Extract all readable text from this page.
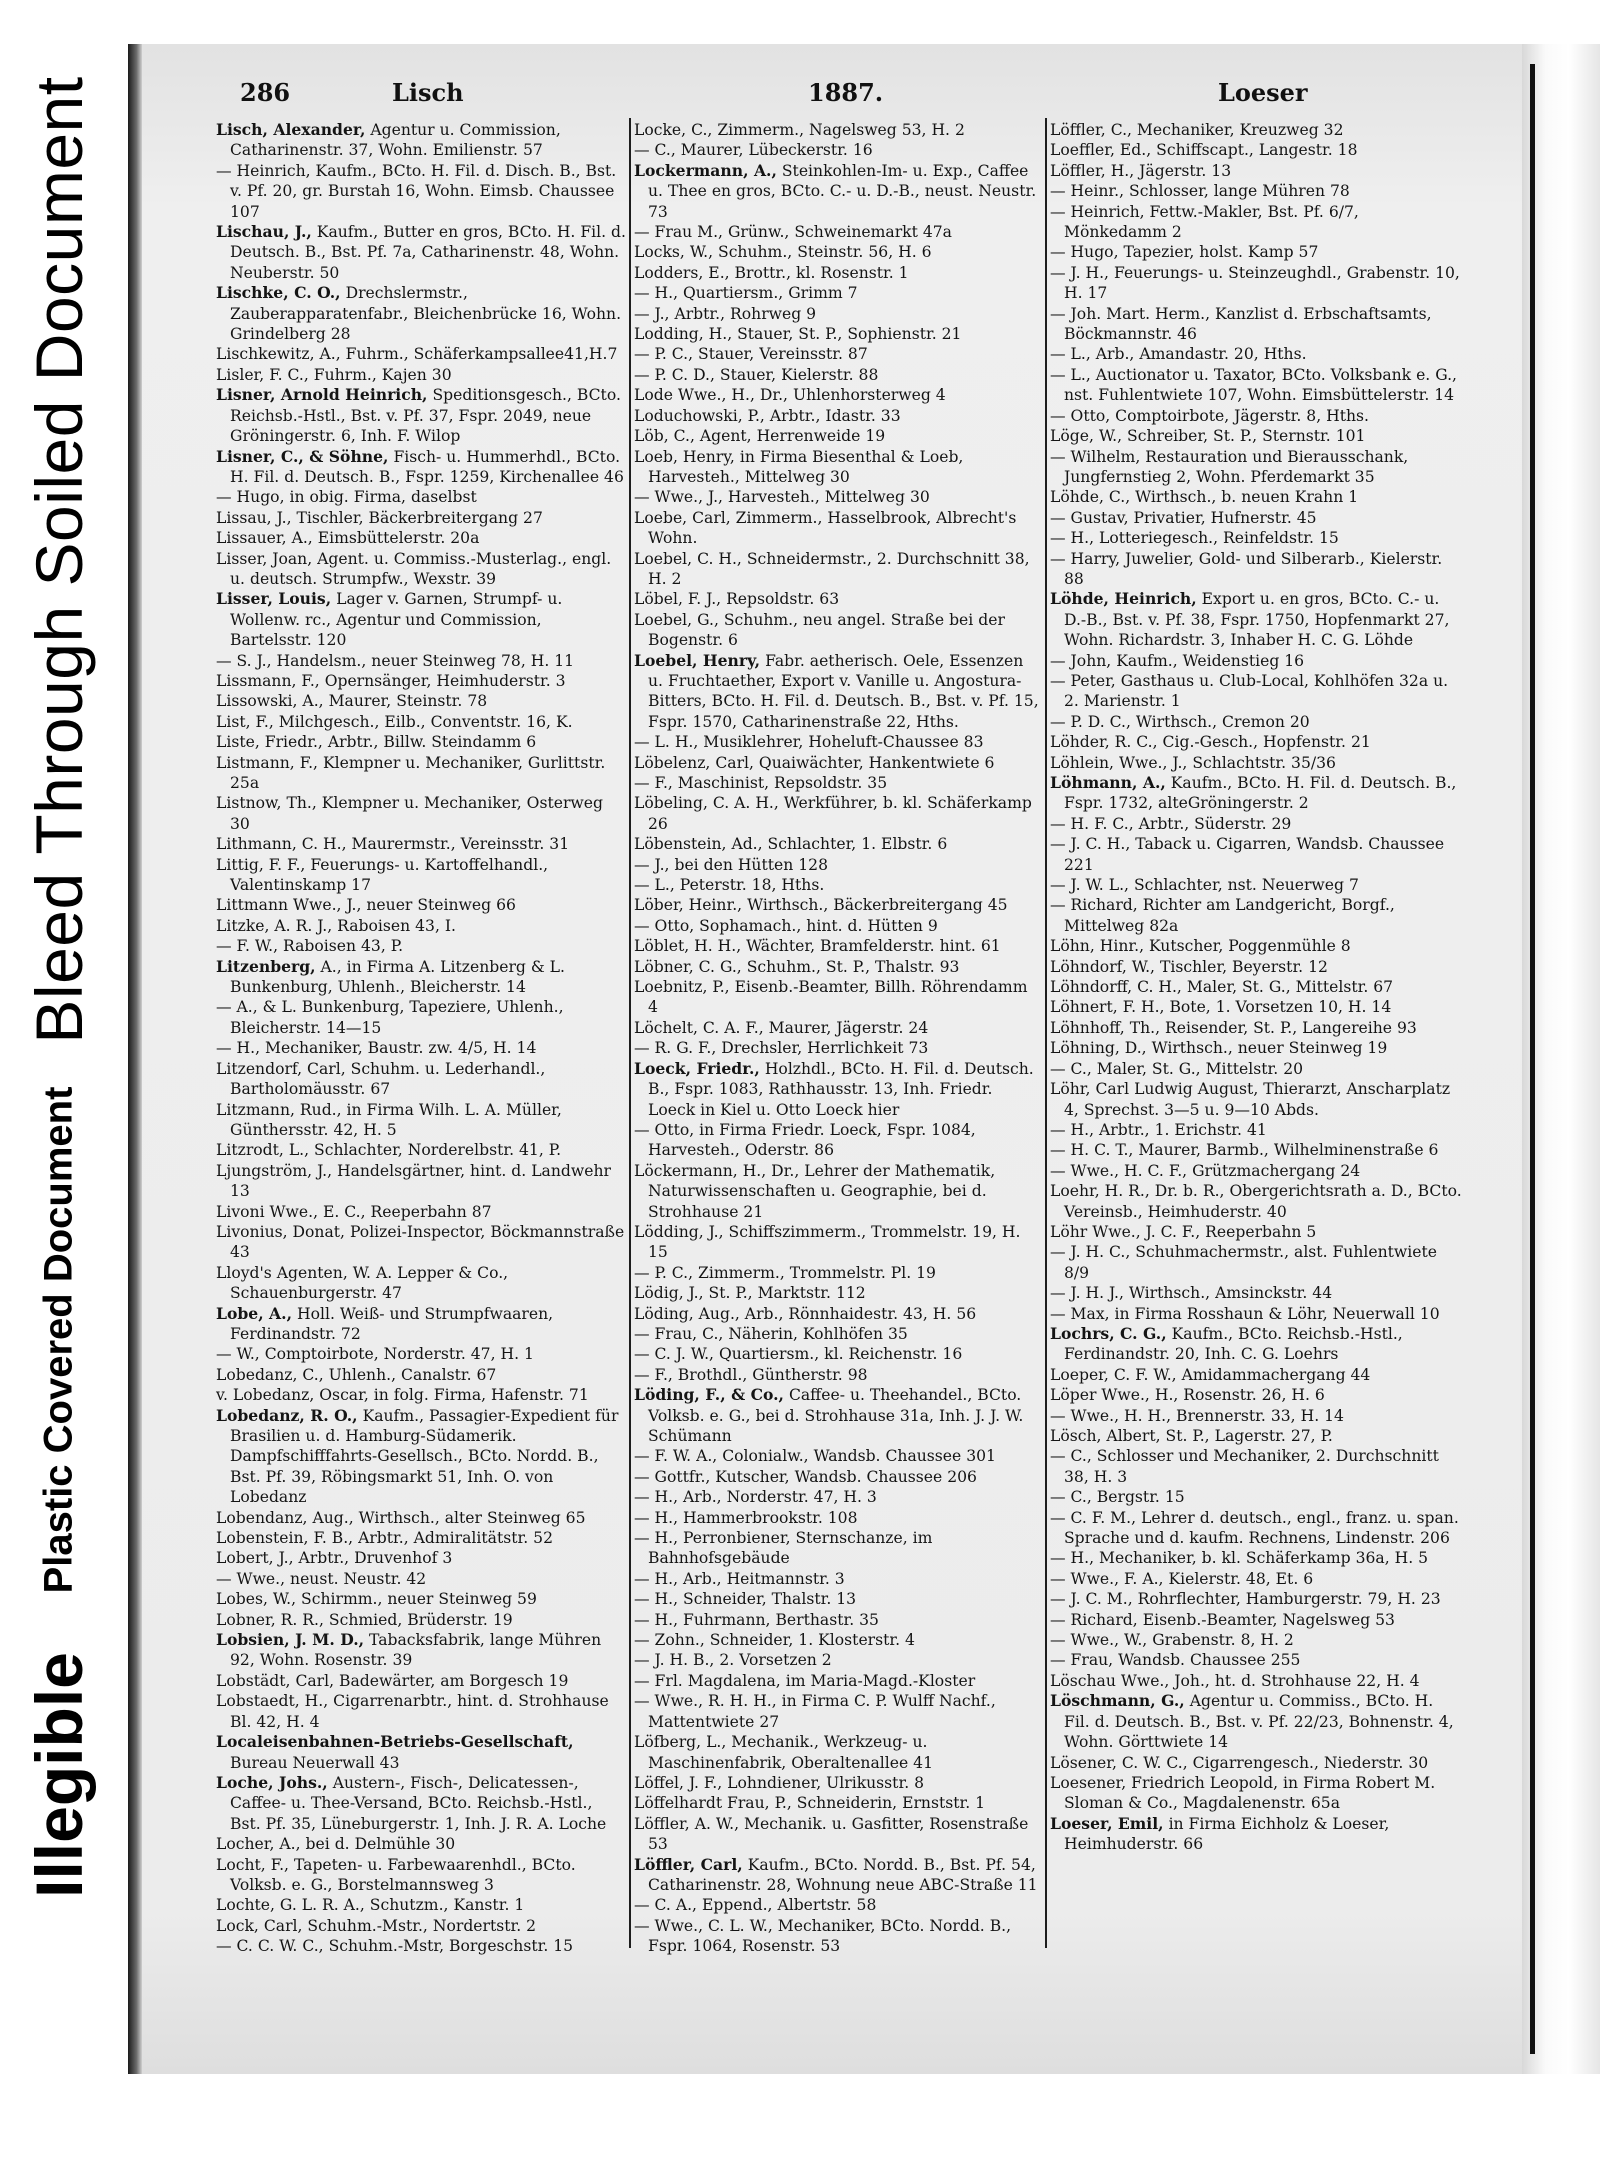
Bleed Through Soiled Document
Plastic Covered Document
Illegible
286	Lisch	1887.	Loeser

Lisch, Alexander, Agentur u. Commission, Catharinenstr. 37, Wohn. Emilienstr. 57

— Heinrich, Kaufm., BCto. H. Fil. d. Disch. B., Bst. v. Pf. 20, gr. Burstah 16, Wohn. Eimsb. Chaussee 107

Lischau, J., Kaufm., Butter en gros, BCto. H. Fil. d. Deutsch. B., Bst. Pf. 7a, Catharinenstr. 48, Wohn. Neuberstr. 50

Lischke, C. O., Drechslermstr., Zauberapparatenfabr., Bleichenbrücke 16, Wohn. Grindelberg 28

Lischkewitz, A., Fuhrm., Schäferkampsallee41,H.7

Lisler, F. C., Fuhrm., Kajen 30

Lisner, Arnold Heinrich, Speditionsgesch., BCto. Reichsb.-Hstl., Bst. v. Pf. 37, Fspr. 2049, neue Gröningerstr. 6, Inh. F. Wilop

Lisner, C., & Söhne, Fisch- u. Hummerhdl., BCto. H. Fil. d. Deutsch. B., Fspr. 1259, Kirchenallee 46

— Hugo, in obig. Firma, daselbst

Lissau, J., Tischler, Bäckerbreitergang 27

Lissauer, A., Eimsbüttelerstr. 20a

Lisser, Joan, Agent. u. Commiss.-Musterlag., engl. u. deutsch. Strumpfw., Wexstr. 39

Lisser, Louis, Lager v. Garnen, Strumpf- u. Wollenw. rc., Agentur und Commission, Bartelsstr. 120

— S. J., Handelsm., neuer Steinweg 78, H. 11

Lissmann, F., Opernsänger, Heimhuderstr. 3

Lissowski, A., Maurer, Steinstr. 78

List, F., Milchgesch., Eilb., Conventstr. 16, K.

Liste, Friedr., Arbtr., Billw. Steindamm 6

Listmann, F., Klempner u. Mechaniker, Gurlittstr. 25a

Listnow, Th., Klempner u. Mechaniker, Osterweg 30

Lithmann, C. H., Maurermstr., Vereinsstr. 31

Littig, F. F., Feuerungs- u. Kartoffelhandl., Valentinskamp 17

Littmann Wwe., J., neuer Steinweg 66

Litzke, A. R. J., Raboisen 43, I.

— F. W., Raboisen 43, P.

Litzenberg, A., in Firma A. Litzenberg & L. Bunkenburg, Uhlenh., Bleicherstr. 14

— A., & L. Bunkenburg, Tapeziere, Uhlenh., Bleicherstr. 14—15

— H., Mechaniker, Baustr. zw. 4/5, H. 14

Litzendorf, Carl, Schuhm. u. Lederhandl., Bartholomäusstr. 67

Litzmann, Rud., in Firma Wilh. L. A. Müller, Günthersstr. 42, H. 5

Litzrodt, L., Schlachter, Norderelbstr. 41, P.

Ljungström, J., Handelsgärtner, hint. d. Landwehr 13

Livoni Wwe., E. C., Reeperbahn 87

Livonius, Donat, Polizei-Inspector, Böckmannstraße 43

Lloyd's Agenten, W. A. Lepper & Co., Schauenburgerstr. 47

Lobe, A., Holl. Weiß- und Strumpfwaaren, Ferdinandstr. 72

— W., Comptoirbote, Norderstr. 47, H. 1

Lobedanz, C., Uhlenh., Canalstr. 67

v. Lobedanz, Oscar, in folg. Firma, Hafenstr. 71

Lobedanz, R. O., Kaufm., Passagier-Expedient für Brasilien u. d. Hamburg-Südamerik. Dampfschifffahrts-Gesellsch., BCto. Nordd. B., Bst. Pf. 39, Röbingsmarkt 51, Inh. O. von Lobedanz

Lobendanz, Aug., Wirthsch., alter Steinweg 65

Lobenstein, F. B., Arbtr., Admiralitätstr. 52

Lobert, J., Arbtr., Druvenhof 3

— Wwe., neust. Neustr. 42

Lobes, W., Schirmm., neuer Steinweg 59

Lobner, R. R., Schmied, Brüderstr. 19

Lobsien, J. M. D., Tabacksfabrik, lange Mühren 92, Wohn. Rosenstr. 39

Lobstädt, Carl, Badewärter, am Borgesch 19

Lobstaedt, H., Cigarrenarbtr., hint. d. Strohhause Bl. 42, H. 4

Localeisenbahnen-Betriebs-Gesellschaft, Bureau Neuerwall 43

Loche, Johs., Austern-, Fisch-, Delicatessen-, Caffee- u. Thee-Versand, BCto. Reichsb.-Hstl., Bst. Pf. 35, Lüneburgerstr. 1, Inh. J. R. A. Loche

Locher, A., bei d. Delmühle 30

Locht, F., Tapeten- u. Farbewaarenhdl., BCto. Volksb. e. G., Borstelmannsweg 3

Lochte, G. L. R. A., Schutzm., Kanstr. 1

Lock, Carl, Schuhm.-Mstr., Nordertstr. 2

— C. C. W. C., Schuhm.-Mstr, Borgeschstr. 15

Locke, C., Zimmerm., Nagelsweg 53, H. 2

— C., Maurer, Lübeckerstr. 16

Lockermann, A., Steinkohlen-Im- u. Exp., Caffee u. Thee en gros, BCto. C.- u. D.-B., neust. Neustr. 73

— Frau M., Grünw., Schweinemarkt 47a

Locks, W., Schuhm., Steinstr. 56, H. 6

Lodders, E., Brottr., kl. Rosenstr. 1

— H., Quartiersm., Grimm 7

— J., Arbtr., Rohrweg 9

Lodding, H., Stauer, St. P., Sophienstr. 21

— P. C., Stauer, Vereinsstr. 87

— P. C. D., Stauer, Kielerstr. 88

Lode Wwe., H., Dr., Uhlenhorsterweg 4

Loduchowski, P., Arbtr., Idastr. 33

Löb, C., Agent, Herrenweide 19

Loeb, Henry, in Firma Biesenthal & Loeb, Harvesteh., Mittelweg 30

— Wwe., J., Harvesteh., Mittelweg 30

Loebe, Carl, Zimmerm., Hasselbrook, Albrecht's Wohn.

Loebel, C. H., Schneidermstr., 2. Durchschnitt 38, H. 2

Löbel, F. J., Repsoldstr. 63

Loebel, G., Schuhm., neu angel. Straße bei der Bogenstr. 6

Loebel, Henry, Fabr. aetherisch. Oele, Essenzen u. Fruchtaether, Export v. Vanille u. Angostura-Bitters, BCto. H. Fil. d. Deutsch. B., Bst. v. Pf. 15, Fspr. 1570, Catharinenstraße 22, Hths.

— L. H., Musiklehrer, Hoheluft-Chaussee 83

Löbelenz, Carl, Quaiwächter, Hankentwiete 6

— F., Maschinist, Repsoldstr. 35

Löbeling, C. A. H., Werkführer, b. kl. Schäferkamp 26

Löbenstein, Ad., Schlachter, 1. Elbstr. 6

— J., bei den Hütten 128

— L., Peterstr. 18, Hths.

Löber, Heinr., Wirthsch., Bäckerbreitergang 45

— Otto, Sophamach., hint. d. Hütten 9

Löblet, H. H., Wächter, Bramfelderstr. hint. 61

Löbner, C. G., Schuhm., St. P., Thalstr. 93

Loebnitz, P., Eisenb.-Beamter, Billh. Röhrendamm 4

Löchelt, C. A. F., Maurer, Jägerstr. 24

— R. G. F., Drechsler, Herrlichkeit 73

Loeck, Friedr., Holzhdl., BCto. H. Fil. d. Deutsch. B., Fspr. 1083, Rathhausstr. 13, Inh. Friedr. Loeck in Kiel u. Otto Loeck hier

— Otto, in Firma Friedr. Loeck, Fspr. 1084, Harvesteh., Oderstr. 86

Löckermann, H., Dr., Lehrer der Mathematik, Naturwissenschaften u. Geographie, bei d. Strohhause 21

Lödding, J., Schiffszimmerm., Trommelstr. 19, H. 15

— P. C., Zimmerm., Trommelstr. Pl. 19

Lödig, J., St. P., Marktstr. 112

Löding, Aug., Arb., Rönnhaidestr. 43, H. 56

— Frau, C., Näherin, Kohlhöfen 35

— C. J. W., Quartiersm., kl. Reichenstr. 16

— F., Brothdl., Güntherstr. 98

Löding, F., & Co., Caffee- u. Theehandel., BCto. Volksb. e. G., bei d. Strohhause 31a, Inh. J. J. W. Schümann

— F. W. A., Colonialw., Wandsb. Chaussee 301

— Gottfr., Kutscher, Wandsb. Chaussee 206

— H., Arb., Norderstr. 47, H. 3

— H., Hammerbrookstr. 108

— H., Perronbiener, Sternschanze, im Bahnhofsgebäude

— H., Arb., Heitmannstr. 3

— H., Schneider, Thalstr. 13

— H., Fuhrmann, Berthastr. 35

— Zohn., Schneider, 1. Klosterstr. 4

— J. H. B., 2. Vorsetzen 2

— Frl. Magdalena, im Maria-Magd.-Kloster

— Wwe., R. H. H., in Firma C. P. Wulff Nachf., Mattentwiete 27

Löfberg, L., Mechanik., Werkzeug- u. Maschinenfabrik, Oberaltenallee 41

Löffel, J. F., Lohndiener, Ulrikusstr. 8

Löffelhardt Frau, P., Schneiderin, Ernststr. 1

Löffler, A. W., Mechanik. u. Gasfitter, Rosenstraße 53

Löffler, Carl, Kaufm., BCto. Nordd. B., Bst. Pf. 54, Catharinenstr. 28, Wohnung neue ABC-Straße 11

— C. A., Eppend., Albertstr. 58

— Wwe., C. L. W., Mechaniker, BCto. Nordd. B., Fspr. 1064, Rosenstr. 53

Löffler, C., Mechaniker, Kreuzweg 32

Loeffler, Ed., Schiffscapt., Langestr. 18

Löffler, H., Jägerstr. 13

— Heinr., Schlosser, lange Mühren 78

— Heinrich, Fettw.-Makler, Bst. Pf. 6/7, Mönkedamm 2

— Hugo, Tapezier, holst. Kamp 57

— J. H., Feuerungs- u. Steinzeughdl., Grabenstr. 10, H. 17

— Joh. Mart. Herm., Kanzlist d. Erbschaftsamts, Böckmannstr. 46

— L., Arb., Amandastr. 20, Hths.

— L., Auctionator u. Taxator, BCto. Volksbank e. G., nst. Fuhlentwiete 107, Wohn. Eimsbüttelerstr. 14

— Otto, Comptoirbote, Jägerstr. 8, Hths.

Löge, W., Schreiber, St. P., Sternstr. 101

— Wilhelm, Restauration und Bierausschank, Jungfernstieg 2, Wohn. Pferdemarkt 35

Löhde, C., Wirthsch., b. neuen Krahn 1

— Gustav, Privatier, Hufnerstr. 45

— H., Lotteriegesch., Reinfeldstr. 15

— Harry, Juwelier, Gold- und Silberarb., Kielerstr. 88

Löhde, Heinrich, Export u. en gros, BCto. C.- u. D.-B., Bst. v. Pf. 38, Fspr. 1750, Hopfenmarkt 27, Wohn. Richardstr. 3, Inhaber H. C. G. Löhde

— John, Kaufm., Weidenstieg 16

— Peter, Gasthaus u. Club-Local, Kohlhöfen 32a u. 2. Marienstr. 1

— P. D. C., Wirthsch., Cremon 20

Löhder, R. C., Cig.-Gesch., Hopfenstr. 21

Löhlein, Wwe., J., Schlachtstr. 35/36

Löhmann, A., Kaufm., BCto. H. Fil. d. Deutsch. B., Fspr. 1732, alteGröningerstr. 2

— H. F. C., Arbtr., Süderstr. 29

— J. C. H., Taback u. Cigarren, Wandsb. Chaussee 221

— J. W. L., Schlachter, nst. Neuerweg 7

— Richard, Richter am Landgericht, Borgf., Mittelweg 82a

Löhn, Hinr., Kutscher, Poggenmühle 8

Löhndorf, W., Tischler, Beyerstr. 12

Löhndorff, C. H., Maler, St. G., Mittelstr. 67

Löhnert, F. H., Bote, 1. Vorsetzen 10, H. 14

Löhnhoff, Th., Reisender, St. P., Langereihe 93

Löhning, D., Wirthsch., neuer Steinweg 19

— C., Maler, St. G., Mittelstr. 20

Löhr, Carl Ludwig August, Thierarzt, Anscharplatz 4, Sprechst. 3—5 u. 9—10 Abds.

— H., Arbtr., 1. Erichstr. 41

— H. C. T., Maurer, Barmb., Wilhelminenstraße 6

— Wwe., H. C. F., Grützmachergang 24

Loehr, H. R., Dr. b. R., Obergerichtsrath a. D., BCto. Vereinsb., Heimhuderstr. 40

Löhr Wwe., J. C. F., Reeperbahn 5

— J. H. C., Schuhmachermstr., alst. Fuhlentwiete 8/9

— J. H. J., Wirthsch., Amsinckstr. 44

— Max, in Firma Rosshaun & Löhr, Neuerwall 10

Lochrs, C. G., Kaufm., BCto. Reichsb.-Hstl., Ferdinandstr. 20, Inh. C. G. Loehrs

Loeper, C. F. W., Amidammachergang 44

Löper Wwe., H., Rosenstr. 26, H. 6

— Wwe., H. H., Brennerstr. 33, H. 14

Lösch, Albert, St. P., Lagerstr. 27, P.

— C., Schlosser und Mechaniker, 2. Durchschnitt 38, H. 3

— C., Bergstr. 15

— C. F. M., Lehrer d. deutsch., engl., franz. u. span. Sprache und d. kaufm. Rechnens, Lindenstr. 206

— H., Mechaniker, b. kl. Schäferkamp 36a, H. 5

— Wwe., F. A., Kielerstr. 48, Et. 6

— J. C. M., Rohrflechter, Hamburgerstr. 79, H. 23

— Richard, Eisenb.-Beamter, Nagelsweg 53

— Wwe., W., Grabenstr. 8, H. 2

— Frau, Wandsb. Chaussee 255

Löschau Wwe., Joh., ht. d. Strohhause 22, H. 4

Löschmann, G., Agentur u. Commiss., BCto. H. Fil. d. Deutsch. B., Bst. v. Pf. 22/23, Bohnenstr. 4, Wohn. Görttwiete 14

Lösener, C. W. C., Cigarrengesch., Niederstr. 30

Loesener, Friedrich Leopold, in Firma Robert M. Sloman & Co., Magdalenenstr. 65a

Loeser, Emil, in Firma Eichholz & Loeser, Heimhuderstr. 66
